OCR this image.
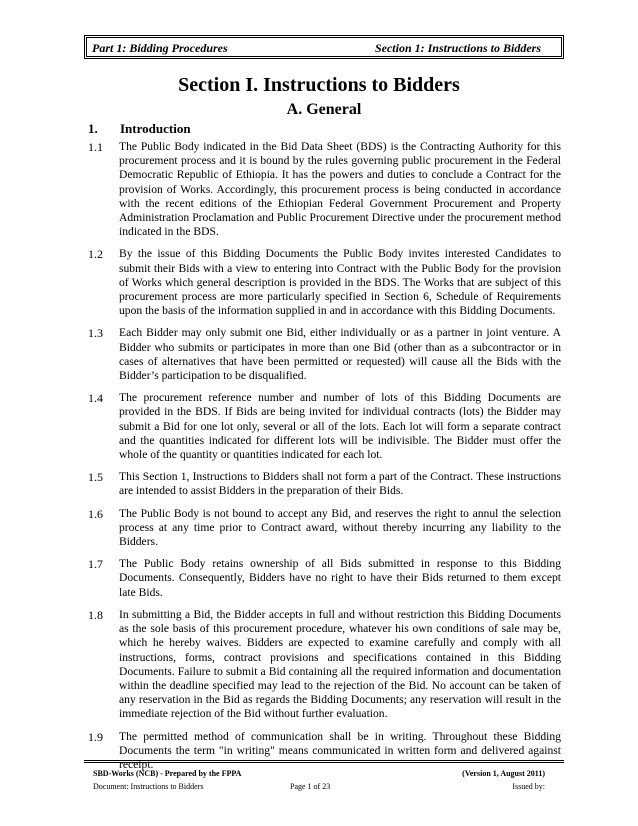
Part 1: Bidding Procedures	Section 1: Instructions to Bidders
Section I. Instructions to Bidders
A. General
1. Introduction
1.1 The Public Body indicated in the Bid Data Sheet (BDS) is the Contracting Authority for this procurement process and it is bound by the rules governing public procurement in the Federal Democratic Republic of Ethiopia. It has the powers and duties to conclude a Contract for the provision of Works. Accordingly, this procurement process is being conducted in accordance with the recent editions of the Ethiopian Federal Government Procurement and Property Administration Proclamation and Public Procurement Directive under the procurement method indicated in the BDS.
1.2 By the issue of this Bidding Documents the Public Body invites interested Candidates to submit their Bids with a view to entering into Contract with the Public Body for the provision of Works which general description is provided in the BDS. The Works that are subject of this procurement process are more particularly specified in Section 6, Schedule of Requirements upon the basis of the information supplied in and in accordance with this Bidding Documents.
1.3 Each Bidder may only submit one Bid, either individually or as a partner in joint venture. A Bidder who submits or participates in more than one Bid (other than as a subcontractor or in cases of alternatives that have been permitted or requested) will cause all the Bids with the Bidder’s participation to be disqualified.
1.4 The procurement reference number and number of lots of this Bidding Documents are provided in the BDS. If Bids are being invited for individual contracts (lots) the Bidder may submit a Bid for one lot only, several or all of the lots. Each lot will form a separate contract and the quantities indicated for different lots will be indivisible. The Bidder must offer the whole of the quantity or quantities indicated for each lot.
1.5 This Section 1, Instructions to Bidders shall not form a part of the Contract. These instructions are intended to assist Bidders in the preparation of their Bids.
1.6 The Public Body is not bound to accept any Bid, and reserves the right to annul the selection process at any time prior to Contract award, without thereby incurring any liability to the Bidders.
1.7 The Public Body retains ownership of all Bids submitted in response to this Bidding Documents. Consequently, Bidders have no right to have their Bids returned to them except late Bids.
1.8 In submitting a Bid, the Bidder accepts in full and without restriction this Bidding Documents as the sole basis of this procurement procedure, whatever his own conditions of sale may be, which he hereby waives. Bidders are expected to examine carefully and comply with all instructions, forms, contract provisions and specifications contained in this Bidding Documents. Failure to submit a Bid containing all the required information and documentation within the deadline specified may lead to the rejection of the Bid. No account can be taken of any reservation in the Bid as regards the Bidding Documents; any reservation will result in the immediate rejection of the Bid without further evaluation.
1.9 The permitted method of communication shall be in writing. Throughout these Bidding Documents the term "in writing" means communicated in written form and delivered against receipt.
SBD-Works (NCB) - Prepared by the FPPA	(Version 1, August 2011)
Document: Instructions to Bidders	Page 1 of 23	Issued by:
